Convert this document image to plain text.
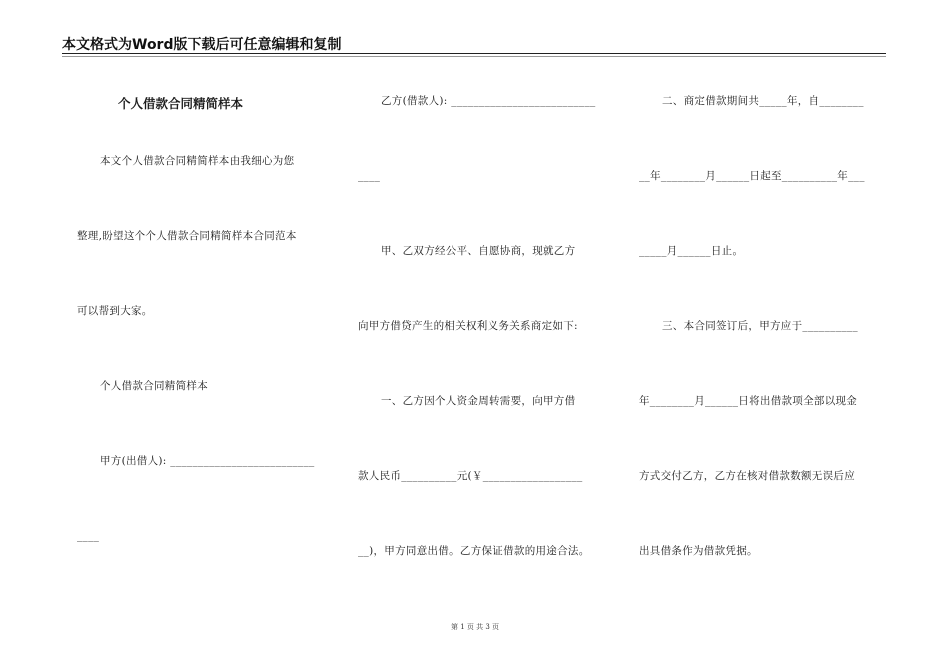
本文格式为Word版下载后可任意编辑和复制
个人借款合同精简样本
本文个人借款合同精简样本由我细心为您
整理,盼望这个个人借款合同精简样本合同范本
可以帮到大家。
个人借款合同精简样本
甲方(出借人): __________________________
____
乙方(借款人): __________________________
____
甲、乙双方经公平、自愿协商，现就乙方
向甲方借贷产生的相关权利义务关系商定如下:
一、乙方因个人资金周转需要，向甲方借
款人民币__________元(￥__________________
__)，甲方同意出借。乙方保证借款的用途合法。
二、商定借款期间共_____年，自________
__年________月______日起至__________年___
_____月______日止。
三、本合同签订后，甲方应于__________
年________月______日将出借款项全部以现金
方式交付乙方，乙方在核对借款数额无误后应
出具借条作为借款凭据。
第 1 页 共 3 页
